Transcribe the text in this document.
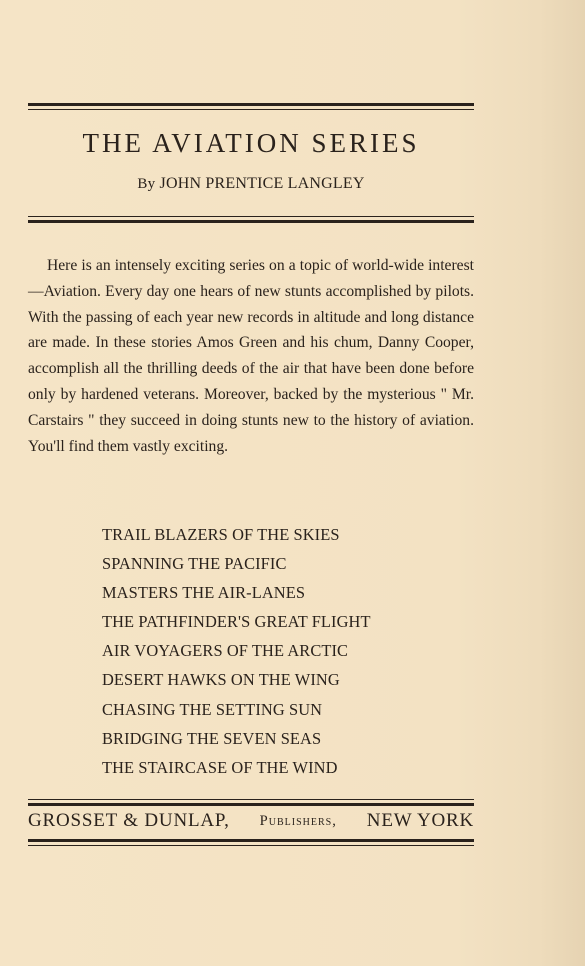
THE AVIATION SERIES
By JOHN PRENTICE LANGLEY

Here is an intensely exciting series on a topic of world-wide interest—Aviation. Every day one hears of new stunts accomplished by pilots. With the passing of each year new records in altitude and long distance are made. In these stories Amos Green and his chum, Danny Cooper, accomplish all the thrilling deeds of the air that have been done before only by hardened veterans. Moreover, backed by the mysterious " Mr. Carstairs " they succeed in doing stunts new to the history of aviation. You'll find them vastly exciting.

TRAIL BLAZERS OF THE SKIES
SPANNING THE PACIFIC
MASTERS THE AIR-LANES
THE PATHFINDER'S GREAT FLIGHT
AIR VOYAGERS OF THE ARCTIC
DESERT HAWKS ON THE WING
CHASING THE SETTING SUN
BRIDGING THE SEVEN SEAS
THE STAIRCASE OF THE WIND
GROSSET & DUNLAP, Publishers, NEW YORK
